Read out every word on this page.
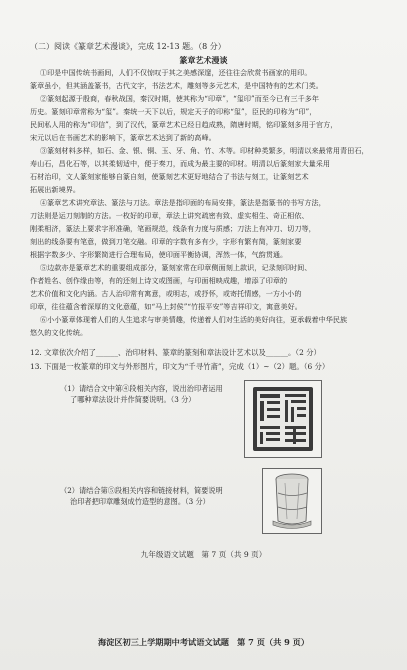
（二）阅读《篆章艺术漫谈》，完成 12-13 题。（8 分）
篆章艺术漫谈
①印是中国传统书画间，人们不仅惊叹于其之美感深邃，还往往会欣赏书画家的用印。
篆章虽小，但其涵盖篆书，古代文字，书法艺术，雕刻等多元艺术，是中国特有的艺术门类。
②篆刻起源于殷商，春秋战国，秦汉时期，使其称为“印章”，“玺印”而至今已有三千多年
历史。篆刻印章常称为“玺”。秦统一天下以后，规定天子的印称“玺”，臣民的印称为“印”，
民间私人用的称为“印信”，到了汉代，篆章艺术已经日趋成熟，隋唐时期，铭印篆刻多用于官方，
宋元以后在书画艺术的影响下，篆章艺术达到了新的高峰。
③篆刻材料多样，如石、金、银、铜、玉、牙、角、竹、木等。印材种类繁多，明清以来最常用青田石，
寿山石，昌化石等，以其柔韧适中，便于奏刀，而成为最主要的印材。明清以后篆刻家大量采用
石材治印，文人篆刻家能够自篆自刻，使篆刻艺术更好地结合了书法与刻工，让篆刻艺术
拓展出新境界。
④篆章艺术讲究章法、篆法与刀法。章法是指印面的布局安排，篆法是指篆书的书写方法，
刀法则是运刀刻制的方法。一枚好的印章，章法上讲究疏密有致、虚实相生、奇正相依、
刚柔相济，篆法上要求字形准确，笔画规范，线条有力度与质感；刀法上有冲刀、切刀等，
刻出的线条要有笔意，做到刀笔交融。印章的字数有多有少，字形有繁有简，篆刻家要
根据字数多少、字形繁简进行合理布局，使印面平衡协调，浑然一体，气韵贯通。
⑤边款亦是篆章艺术的重要组成部分，篆刻家常在印章侧面刻上款识，记录刻印时间、
作者姓名、创作缘由等，有的还刻上诗文或图画，与印面相映成趣，增添了印章的
艺术价值和文化内涵。古人治印常有寓意，或明志，或抒怀，或寄托情感，一方小小的
印章，往往蕴含着深厚的文化意蕴，如“马上封侯”“竹报平安”等吉祥印文，寓意美好。
⑥小小篆章体现着人们的人生追求与审美情趣，传递着人们对生活的美好向往，更承载着中华民族
悠久的文化传统。
12. 文章依次介绍了______、治印材料、篆章的篆刻和章法设计艺术以及______。（2 分）
13. 下面是一枚篆章的印文与外形图片，印文为“千寻竹斋”，完成（1）~（2）题。（6 分）
（1）请结合文中第④段相关内容，说出治印者运用
了哪种章法设计并作简要说明。（3 分）
（2）请结合第⑤段相关内容和链接材料，简要说明
治印者把印章雕刻成竹造型的意图。（3 分）
九年级语文试题　第 7 页（共 9 页）
海淀区初三上学期期中考试语文试题　第 7 页（共 9 页）
